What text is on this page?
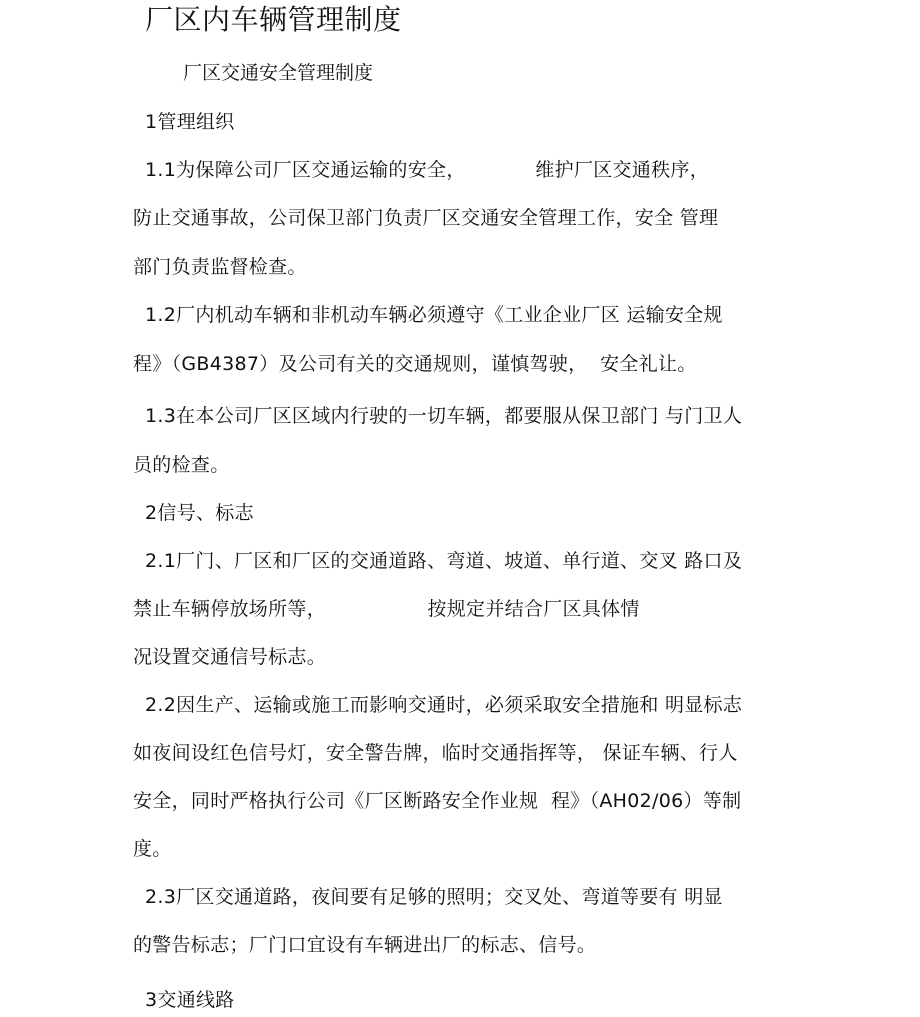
厂区内车辆管理制度
厂区交通安全管理制度
1管理组织
1.1为保障公司厂区交通运输的安全，           维护厂区交通秩序，
防止交通事故，公司保卫部门负责厂区交通安全管理工作，安全 管理
部门负责监督检查。
1.2厂内机动车辆和非机动车辆必须遵守《工业企业厂区 运输安全规
程》（GB4387）及公司有关的交通规则，谨慎驾驶，  安全礼让。
1.3在本公司厂区区域内行驶的一切车辆，都要服从保卫部门 与门卫人
员的检查。
2信号、标志
2.1厂门、厂区和厂区的交通道路、弯道、坡道、单行道、交叉 路口及
禁止车辆停放场所等，                按规定并结合厂区具体情
况设置交通信号标志。
2.2因生产、运输或施工而影响交通时，必须采取安全措施和 明显标志
如夜间设红色信号灯，安全警告牌，临时交通指挥等， 保证车辆、行人
安全，同时严格执行公司《厂区断路安全作业规  程》（AH02/06）等制
度。
2.3厂区交通道路，夜间要有足够的照明；交叉处、弯道等要有 明显
的警告标志；厂门口宜设有车辆进出厂的标志、信号。
3交通线路
